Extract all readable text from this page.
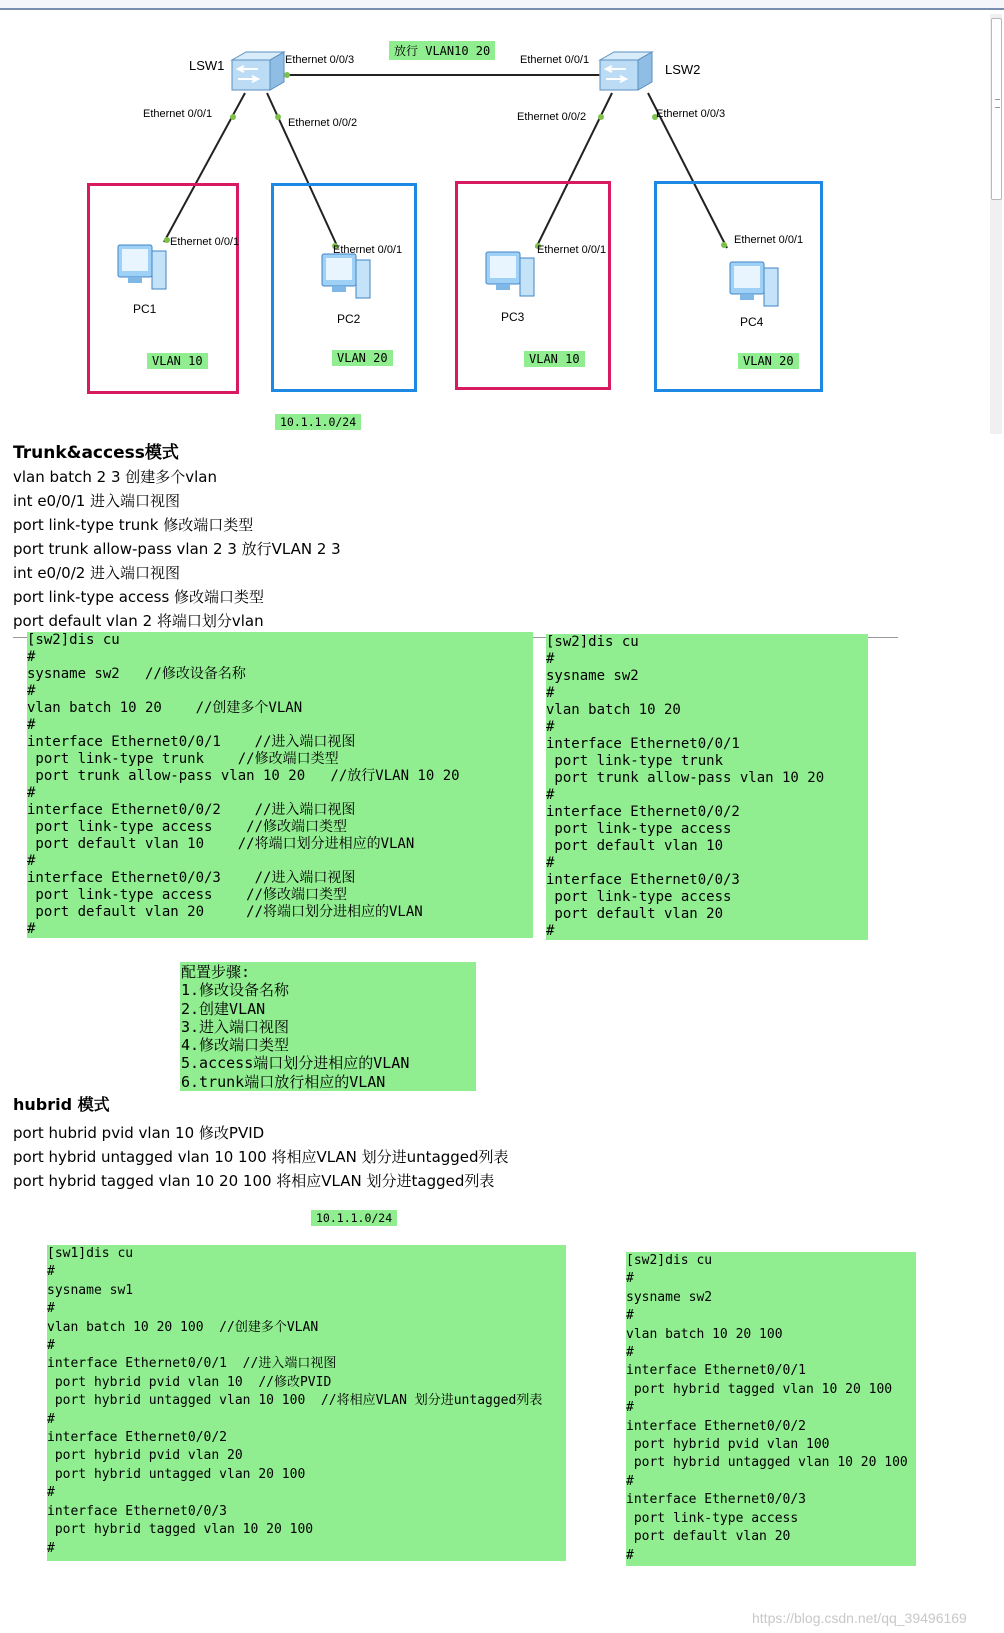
LSW1	LSW2
PC1
PC2	PC3	PC4
Ethernet 0/0/3
Ethernet 0/0/1
Ethernet 0/0/2
Ethernet 0/0/1
Ethernet 0/0/2	Ethernet 0/0/3
Ethernet 0/0/1
Ethernet 0/0/1	Ethernet 0/0/1
Ethernet 0/0/1
放行 VLAN10 20
VLAN 10	VLAN 20	VLAN 10	VLAN 20
10.1.1.0/24
Trunk&access模式
vlan batch 2 3 创建多个vlan
int e0/0/1 进入端口视图
port link-type trunk 修改端口类型
port trunk allow-pass vlan 2 3 放行VLAN 2 3
int e0/0/2 进入端口视图
port link-type access 修改端口类型
port default vlan 2 将端口划分vlan
[sw2]dis cu
#
sysname sw2   //修改设备名称
#
vlan batch 10 20    //创建多个VLAN
#
interface Ethernet0/0/1    //进入端口视图
port link-type trunk    //修改端口类型
port trunk allow-pass vlan 10 20   //放行VLAN 10 20
#
interface Ethernet0/0/2    //进入端口视图
port link-type access    //修改端口类型
port default vlan 10    //将端口划分进相应的VLAN
#
interface Ethernet0/0/3    //进入端口视图
port link-type access    //修改端口类型
port default vlan 20     //将端口划分进相应的VLAN
#
[sw2]dis cu
#
sysname sw2
#
vlan batch 10 20
#
interface Ethernet0/0/1
port link-type trunk
port trunk allow-pass vlan 10 20
#
interface Ethernet0/0/2
port link-type access
port default vlan 10
#
interface Ethernet0/0/3
port link-type access
port default vlan 20
#
配置步骤:
1.修改设备名称
2.创建VLAN
3.进入端口视图
4.修改端口类型
5.access端口划分进相应的VLAN
6.trunk端口放行相应的VLAN
hubrid 模式
port hubrid pvid vlan 10 修改PVID
port hybrid untagged vlan 10 100 将相应VLAN 划分进untagged列表
port hybrid tagged vlan 10 20 100 将相应VLAN 划分进tagged列表
10.1.1.0/24
[sw1]dis cu
#
sysname sw1
#
vlan batch 10 20 100  //创建多个VLAN
#
interface Ethernet0/0/1  //进入端口视图
port hybrid pvid vlan 10  //修改PVID
port hybrid untagged vlan 10 100  //将相应VLAN 划分进untagged列表
#
interface Ethernet0/0/2
port hybrid pvid vlan 20
port hybrid untagged vlan 20 100
#
interface Ethernet0/0/3
port hybrid tagged vlan 10 20 100
#
[sw2]dis cu
#
sysname sw2
#
vlan batch 10 20 100
#
interface Ethernet0/0/1
port hybrid tagged vlan 10 20 100
#
interface Ethernet0/0/2
port hybrid pvid vlan 100
port hybrid untagged vlan 10 20 100
#
interface Ethernet0/0/3
port link-type access
port default vlan 20
#
https://blog.csdn.net/qq_39496169
